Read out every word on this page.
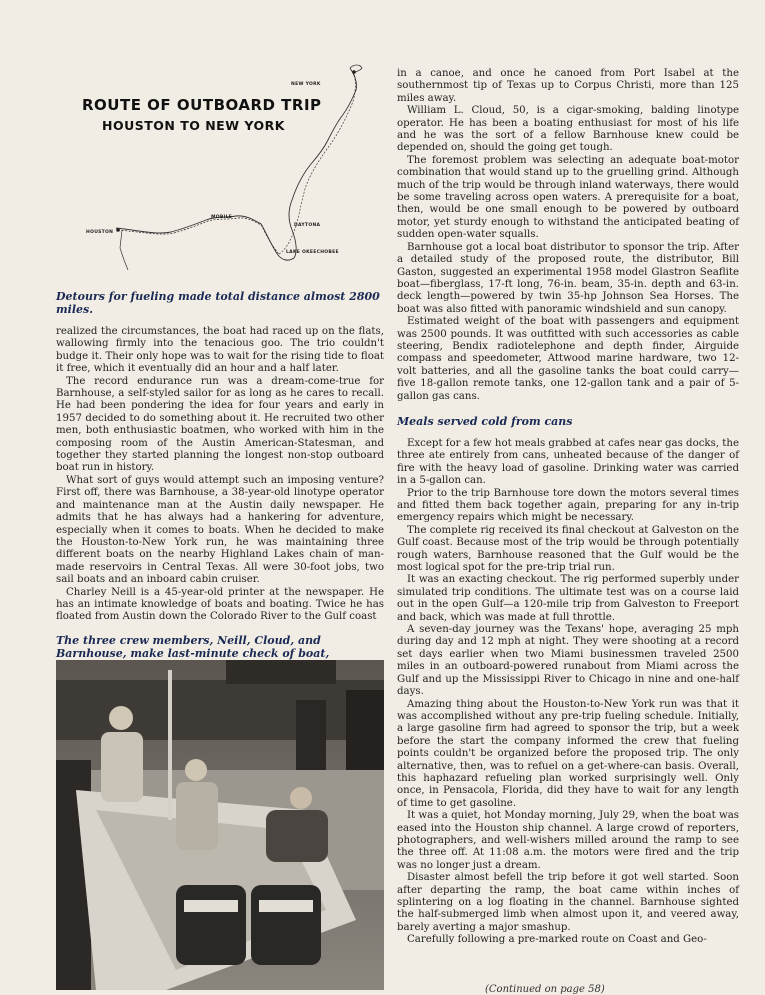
ROUTE OF OUTBOARD TRIP
HOUSTON TO NEW YORK
NEW YORK
HOUSTON
MOBILE
DAYTONA
LAKE OKEECHOBEE
Detours for fueling made total distance almost 2800 miles.

realized the circumstances, the boat had raced up on the flats, wallowing firmly into the tenacious goo. The trio couldn't budge it. Their only hope was to wait for the rising tide to float it free, which it eventually did an hour and a half later.

The record endurance run was a dream-come-true for Barnhouse, a self-styled sailor for as long as he cares to recall. He had been pondering the idea for four years and early in 1957 decided to do something about it. He recruited two other men, both enthusiastic boatmen, who worked with him in the composing room of the Austin American-Statesman, and together they started planning the longest non-stop outboard boat run in history.

What sort of guys would attempt such an imposing venture? First off, there was Barnhouse, a 38-year-old linotype operator and maintenance man at the Austin daily newspaper. He admits that he has always had a hankering for adventure, especially when it comes to boats. When he decided to make the Houston-to-New York run, he was maintaining three different boats on the nearby Highland Lakes chain of man-made reservoirs in Central Texas. All were 30-foot jobs, two sail boats and an inboard cabin cruiser.

Charley Neill is a 45-year-old printer at the newspaper. He has an intimate knowledge of boats and boating. Twice he has floated from Austin down the Colorado River to the Gulf coast

The three crew members, Neill, Cloud, and Barnhouse, make last-minute check of boat,

in a canoe, and once he canoed from Port Isabel at the southernmost tip of Texas up to Corpus Christi, more than 125 miles away.

William L. Cloud, 50, is a cigar-smoking, balding linotype operator. He has been a boating enthusiast for most of his life and he was the sort of a fellow Barnhouse knew could be depended on, should the going get tough.

The foremost problem was selecting an adequate boat-motor combination that would stand up to the gruelling grind. Although much of the trip would be through inland waterways, there would be some traveling across open waters. A prerequisite for a boat, then, would be one small enough to be powered by outboard motor, yet sturdy enough to withstand the anticipated beating of sudden open-water squalls.

Barnhouse got a local boat distributor to sponsor the trip. After a detailed study of the proposed route, the distributor, Bill Gaston, suggested an experimental 1958 model Glastron Seaflite boat—fiberglass, 17-ft long, 76-in. beam, 35-in. depth and 63-in. deck length—powered by twin 35-hp Johnson Sea Horses. The boat was also fitted with panoramic windshield and sun canopy.

Estimated weight of the boat with passengers and equipment was 2500 pounds. It was outfitted with such accessories as cable steering, Bendix radiotelephone and depth finder, Airguide compass and speedometer, Attwood marine hardware, two 12-volt batteries, and all the gasoline tanks the boat could carry—five 18-gallon remote tanks, one 12-gallon tank and a pair of 5-gallon gas cans.

Meals served cold from cans

Except for a few hot meals grabbed at cafes near gas docks, the three ate entirely from cans, unheated because of the danger of fire with the heavy load of gasoline. Drinking water was carried in a 5-gallon can.

Prior to the trip Barnhouse tore down the motors several times and fitted them back together again, preparing for any in-trip emergency repairs which might be necessary.

The complete rig received its final checkout at Galveston on the Gulf coast. Because most of the trip would be through potentially rough waters, Barnhouse reasoned that the Gulf would be the most logical spot for the pre-trip trial run.

It was an exacting checkout. The rig performed superbly under simulated trip conditions. The ultimate test was on a course laid out in the open Gulf—a 120-mile trip from Galveston to Freeport and back, which was made at full throttle.

A seven-day journey was the Texans' hope, averaging 25 mph during day and 12 mph at night. They were shooting at a record set days earlier when two Miami businessmen traveled 2500 miles in an outboard-powered runabout from Miami across the Gulf and up the Mississippi River to Chicago in nine and one-half days.

Amazing thing about the Houston-to-New York run was that it was accomplished without any pre-trip fueling schedule. Initially, a large gasoline firm had agreed to sponsor the trip, but a week before the start the company informed the crew that fueling points couldn't be organized before the proposed trip. The only alternative, then, was to refuel on a get-where-can basis. Overall, this haphazard refueling plan worked surprisingly well. Only once, in Pensacola, Florida, did they have to wait for any length of time to get gasoline.

It was a quiet, hot Monday morning, July 29, when the boat was eased into the Houston ship channel. A large crowd of reporters, photographers, and well-wishers milled around the ramp to see the three off. At 11:08 a.m. the motors were fired and the trip was no longer just a dream.

Disaster almost befell the trip before it got well started. Soon after departing the ramp, the boat came within inches of splintering on a log floating in the channel. Barnhouse sighted the half-submerged limb when almost upon it, and veered away, barely averting a major smashup.

Carefully following a pre-marked route on Coast and Geo-

(Continued on page 58)
